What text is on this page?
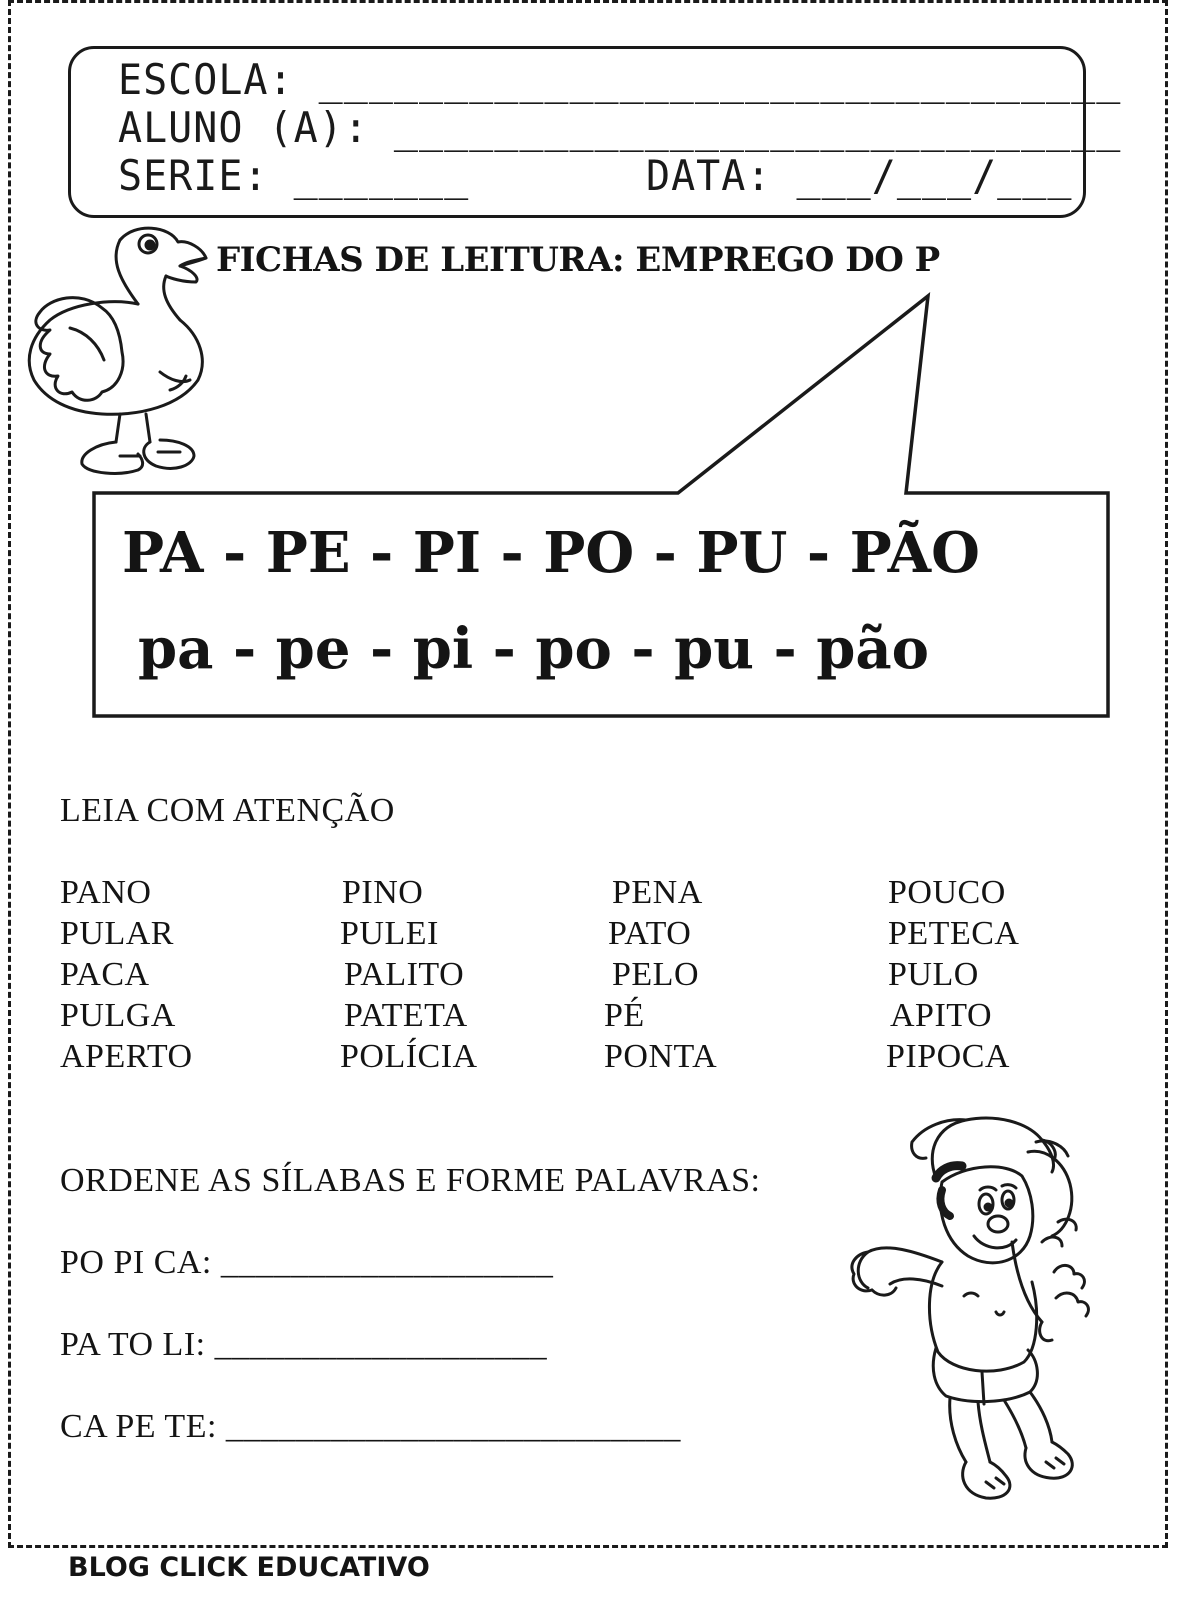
ESCOLA: ________________________________
ALUNO (A): _____________________________
SERIE: _______	DATA: ___/___/___
FICHAS DE LEITURA: EMPREGO DO P
PA - PE - PI - PO - PU - PÃO
pa - pe - pi - po - pu - pão
LEIA COM ATENÇÃO
PANO
PULAR
PACA
PULGA
APERTO
PINO
PULEI
PALITO
PATETA
POLÍCIA
PENA
PATO
PELO
PÉ
PONTA
POUCO
PETECA
PULO
APITO
PIPOCA
ORDENE AS SÍLABAS E FORME PALAVRAS:
PO PI CA: ___________________
PA TO LI: ___________________
CA PE TE: __________________________
BLOG CLICK EDUCATIVO
